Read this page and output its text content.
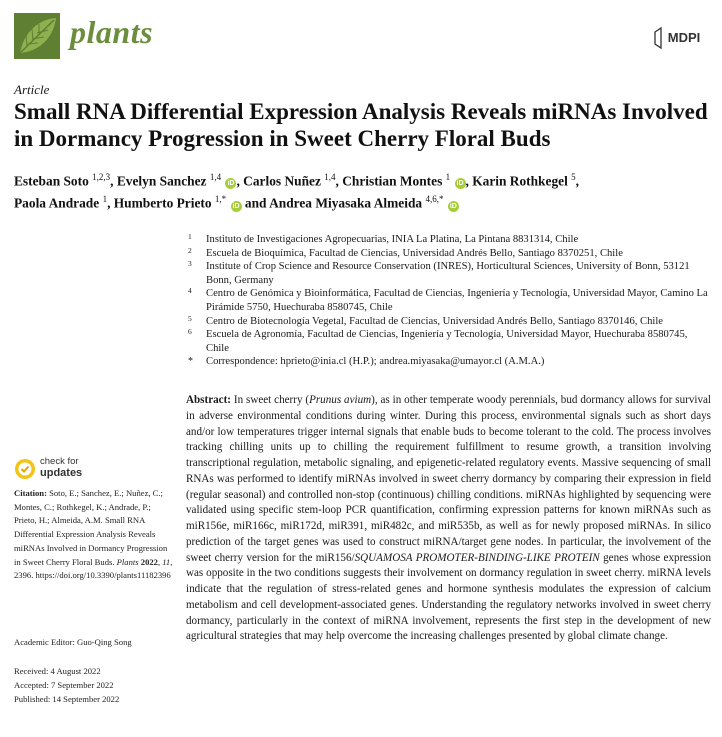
plants	MDPI
Article
Small RNA Differential Expression Analysis Reveals miRNAs Involved in Dormancy Progression in Sweet Cherry Floral Buds
Esteban Soto $^{1,2,3}$, Evelyn Sanchez $^{1,4}$ iD , Carlos Nuñez $^{1,4}$, Christian Montes $^1$ iD , Karin Rothkegel $^5$,
Paola Andrade $^1$, Humberto Prieto $^{1,*}$ iD and Andrea Miyasaka Almeida $^{4,6,*}$ iD
1 Instituto de Investigaciones Agropecuarias, INIA La Platina, La Pintana 8831314, Chile
2 Escuela de Bioquímica, Facultad de Ciencias, Universidad Andrés Bello, Santiago 8370251, Chile
3 Institute of Crop Science and Resource Conservation (INRES), Horticultural Sciences, University of Bonn, 53121 Bonn, Germany
4 Centro de Genómica y Bioinformática, Facultad de Ciencias, Ingeniería y Tecnología, Universidad Mayor, Camino La Pirámide 5750, Huechuraba 8580745, Chile
5 Centro de Biotecnología Vegetal, Facultad de Ciencias, Universidad Andrés Bello, Santiago 8370146, Chile
6 Escuela de Agronomía, Facultad de Ciencias, Ingeniería y Tecnología, Universidad Mayor, Huechuraba 8580745, Chile
* Correspondence: hprieto@inia.cl (H.P.); andrea.miyasaka@umayor.cl (A.M.A.)
Abstract: In sweet cherry (Prunus avium), as in other temperate woody perennials, bud dormancy allows for survival in adverse environmental conditions during winter. During this process, environmental signals such as short days and/or low temperatures trigger internal signals that enable buds to become tolerant to the cold. The process involves tracking chilling units up to chilling the requirement fulfillment to resume growth, a transition involving transcriptional regulation, metabolic signaling, and epigenetic-related regulatory events. Massive sequencing of small RNAs was performed to identify miRNAs involved in sweet cherry dormancy by comparing their expression in field (regular seasonal) and controlled non-stop (continuous) chilling conditions. miRNAs highlighted by sequencing were validated using specific stem-loop PCR quantification, confirming expression patterns for known miRNAs such as miR156e, miR166c, miR172d, miR391, miR482c, and miR535b, as well as for newly proposed miRNAs. In silico prediction of the target genes was used to construct miRNA/target gene nodes. In particular, the involvement of the sweet cherry version for the miR156/SQUAMOSA PROMOTER-BINDING-LIKE PROTEIN genes whose expression was opposite in the two conditions suggests their involvement on dormancy regulation in sweet cherry. miRNA levels indicate that the regulation of stress-related genes and hormone synthesis modulates the expression of calcium metabolism and cell development-associated genes. Understanding the regulatory networks involved in sweet cherry dormancy, particularly in the context of miRNA involvement, represents the first step in the development of new agricultural strategies that may help overcome the increasing challenges presented by global climate change.
check for
updates
Citation: Soto, E.; Sanchez, E.; Nuñez, C.; Montes, C.; Rothkegel, K.; Andrade, P.; Prieto, H.; Almeida, A.M. Small RNA Differential Expression Analysis Reveals miRNAs Involved in Dormancy Progression in Sweet Cherry Floral Buds. Plants 2022, 11, 2396. https://doi.org/10.3390/plants11182396
Academic Editor: Guo-Qing Song
Received: 4 August 2022
Accepted: 7 September 2022
Published: 14 September 2022
